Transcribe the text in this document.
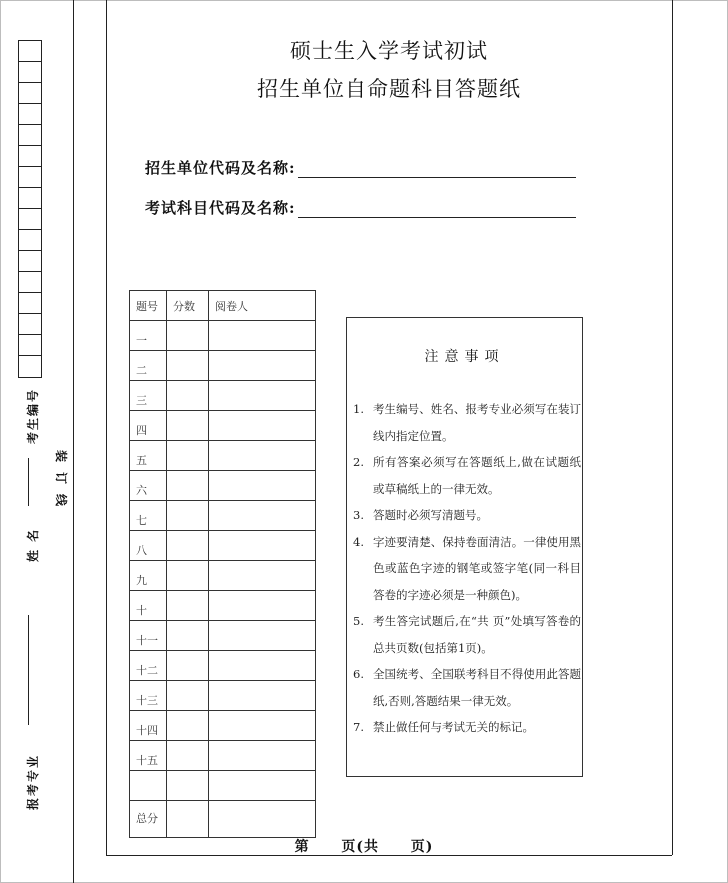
考生编号
姓 名
报考专业
装订线
硕士生入学考试初试
招生单位自命题科目答题纸
招生单位代码及名称:
考试科目代码及名称:
题号	分数	阅卷人
一		
二		
三		
四		
五		
六		
七		
八		
九		
十		
十一		
十二		
十三		
十四		
十五		

总分		
注意事项
1. 考生编号、姓名、报考专业必须写在装订线内指定位置。
2. 所有答案必须写在答题纸上,做在试题纸或草稿纸上的一律无效。
3. 答题时必须写清题号。
4. 字迹要清楚、保持卷面清洁。一律使用黑色或蓝色字迹的钢笔或签字笔(同一科目答卷的字迹必须是一种颜色)。
5. 考生答完试题后,在“共 页”处填写答卷的总共页数(包括第1页)。
6. 全国统考、全国联考科目不得使用此答题纸,否则,答题结果一律无效。
7. 禁止做任何与考试无关的标记。
第 页(共 页)
